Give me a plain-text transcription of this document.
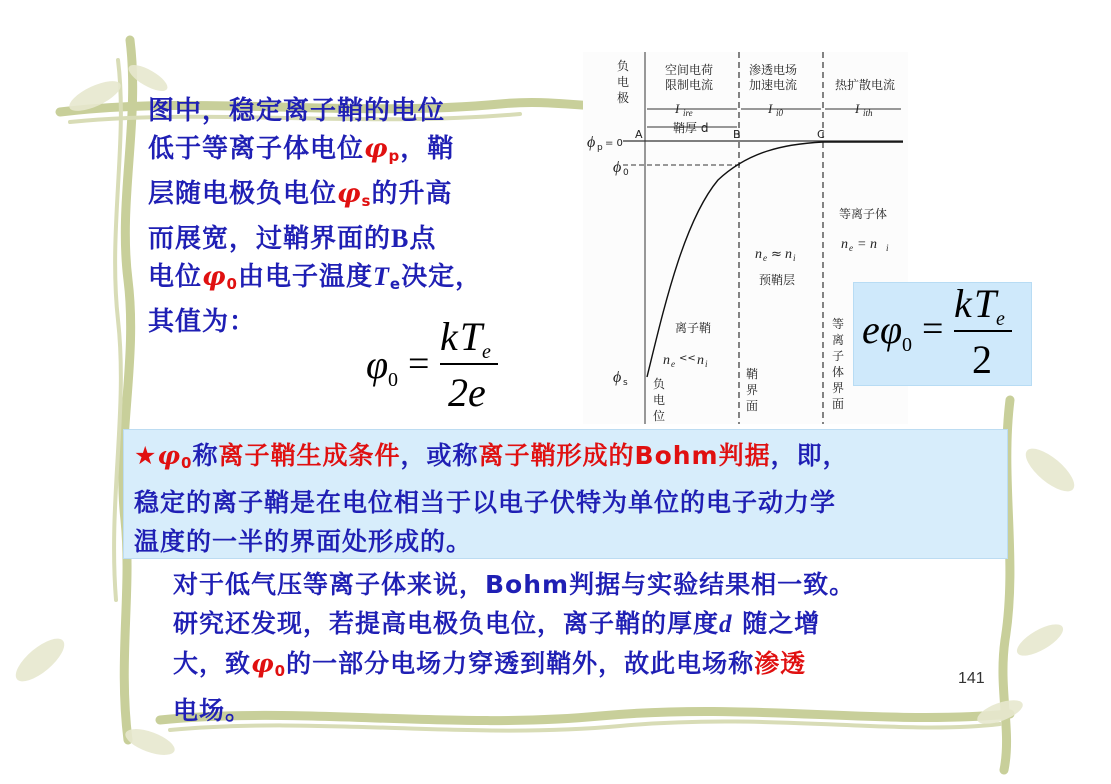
图中，稳定离子鞘的电位
低于等离子体电位$\varphi_p$，鞘
层随电极负电位$\varphi_s$的升高
而展宽，过鞘界面的B点
电位$\varphi_0$由电子温度$T_e$决定，
其值为：
φ 0 =
k T e
2e
负
电
极
空间电荷
限制电流
渗透电场
加速电流	热扩散电流
I ire	I i0	I ith
鞘厚 d
A	B	C
ϕ p = 0
ϕ 0
ϕ s
等离子体
n e = n i
n e ≈ n i
预鞘层
离子鞘
n e << n i
负
电
位
鞘
界
面
等
离
子
体
界
面
e φ 0 =
k T e
2
$★\varphi_0$称离子鞘生成条件，或称离子鞘形成的Bohm判据，即，
稳定的离子鞘是在电位相当于以电子伏特为单位的电子动力学
温度的一半的界面处形成的。
对于低气压等离子体来说，Bohm判据与实验结果相一致。
研究还发现，若提高电极负电位，离子鞘的厚度d 随之增
大，致$\varphi_0$的一部分电场力穿透到鞘外，故此电场称渗透
电场。
141
